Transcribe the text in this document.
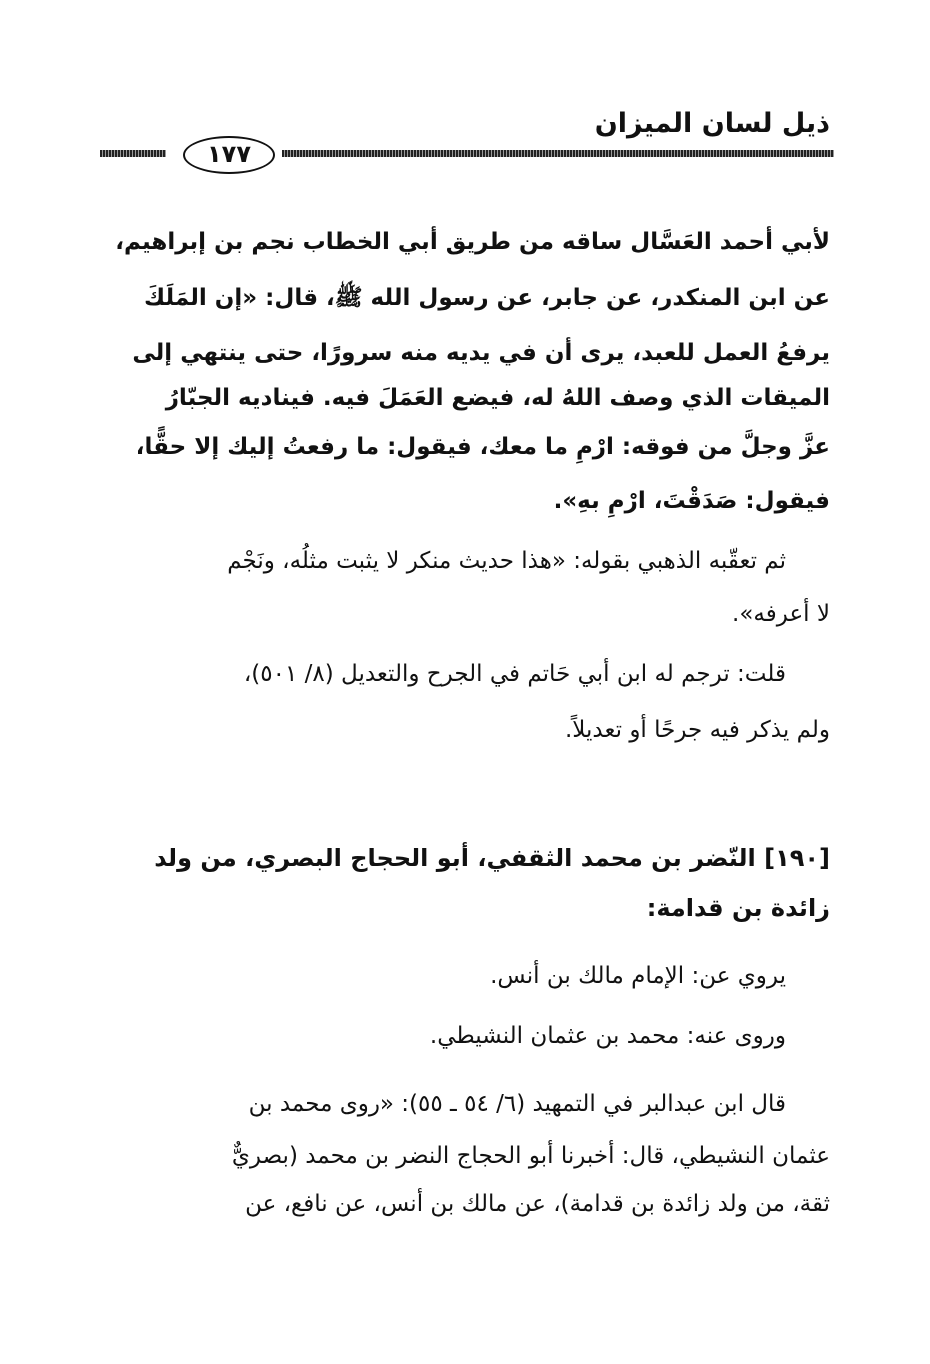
ذيل لسان الميزان
١٧٧
لأبي أحمد العَسَّال ساقه من طريق أبي الخطاب نجم بن إبراهيم،
عن ابن المنكدر، عن جابر، عن رسول الله ﷺ، قال: «إن المَلَكَ
يرفعُ العمل للعبد، يرى أن في يديه منه سرورًا، حتى ينتهي إلى
الميقات الذي وصف اللهُ له، فيضع العَمَلَ فيه. فيناديه الجبّارُ
عزَّ وجلَّ من فوقه: ارْمِ ما معك، فيقول: ما رفعتُ إليك إلا حقًّا،
فيقول: صَدَقْتَ، ارْمِ بهِ».
ثم تعقّبه الذهبي بقوله: «هذا حديث منكر لا يثبت مثلُه، ونَجْم
لا أعرفه».
قلت: ترجم له ابن أبي حَاتم في الجرح والتعديل (٨/ ٥٠١)،
ولم يذكر فيه جرحًا أو تعديلاً.
[١٩٠] النّضر بن محمد الثقفي، أبو الحجاج البصري، من ولد
زائدة بن قدامة:
يروي عن: الإمام مالك بن أنس.
وروى عنه: محمد بن عثمان النشيطي.
قال ابن عبدالبر في التمهيد (٦/ ٥٤ ـ ٥٥): «روى محمد بن
عثمان النشيطي، قال: أخبرنا أبو الحجاج النضر بن محمد (بصريٌّ
ثقة، من ولد زائدة بن قدامة)، عن مالك بن أنس، عن نافع، عن
